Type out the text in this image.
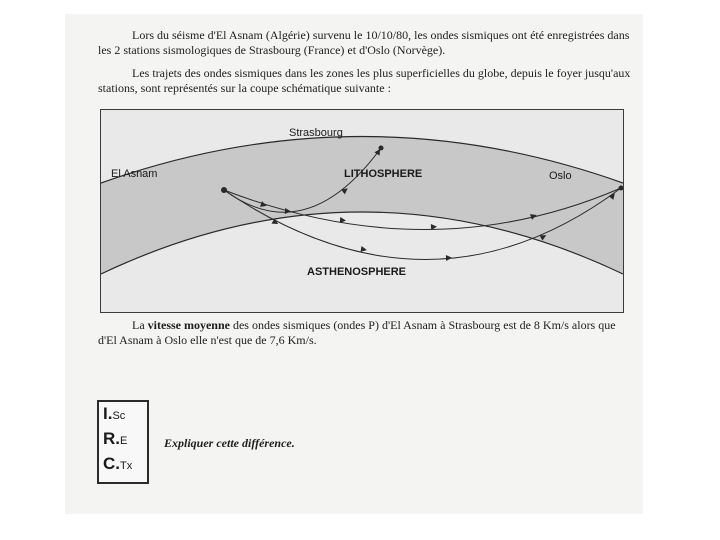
Lors du séisme d'El Asnam (Algérie) survenu le 10/10/80, les ondes sismiques ont été enregistrées dans les 2 stations sismologiques de Strasbourg (France) et d'Oslo (Norvège).
Les trajets des ondes sismiques dans les zones les plus superficielles du globe, depuis le foyer jusqu'aux stations, sont représentés sur la coupe schématique suivante :
Strasbourg
El Asnam	LITHOSPHERE	Oslo
ASTHENOSPHERE
La vitesse moyenne des ondes sismiques (ondes P) d'El Asnam à Strasbourg est de 8 Km/s alors que d'El Asnam à Oslo elle n'est que de 7,6 Km/s.
I.Sc
R.E
C.Tx
Expliquer cette différence.
